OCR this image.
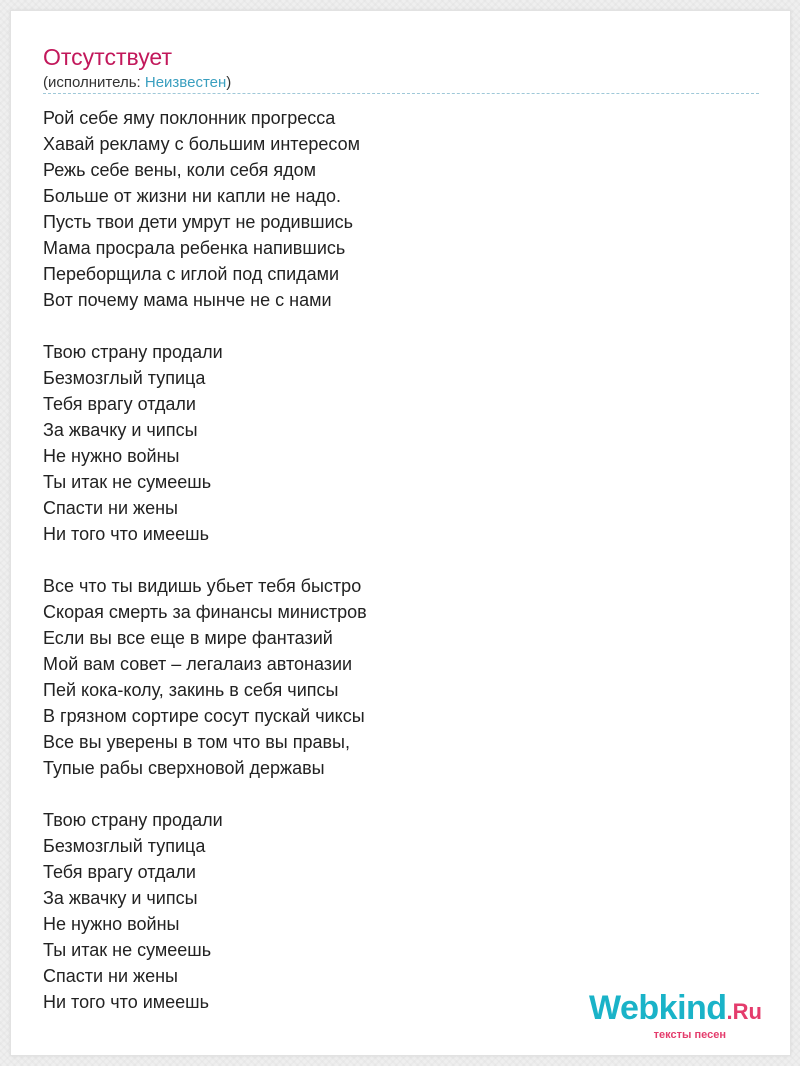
Отсутствует
(исполнитель: Неизвестен)
Рой себе яму поклонник прогресса
Хавай рекламу с большим интересом
Режь себе вены, коли себя ядом
Больше от жизни ни капли не надо.
Пусть твои дети умрут не родившись
Мама просрала ребенка напившись
Переборщила с иглой под спидами
Вот почему мама нынче не с нами
Твою страну продали
Безмозглый тупица
Тебя врагу отдали
За жвачку и чипсы
Не нужно войны
Ты итак не сумеешь
Спасти ни жены
Ни того что имеешь
Все что ты видишь убьет тебя быстро
Скорая смерть за финансы министров
Если вы все еще в мире фантазий
Мой вам совет – легалаиз автоназии
Пей кока-колу, закинь в себя чипсы
В грязном сортире сосут пускай чиксы
Все вы уверены в том что вы правы,
Тупые рабы сверхновой державы
Твою страну продали
Безмозглый тупица
Тебя врагу отдали
За жвачку и чипсы
Не нужно войны
Ты итак не сумеешь
Спасти ни жены
Ни того что имеешь	Webkind.Ru
тексты песен
